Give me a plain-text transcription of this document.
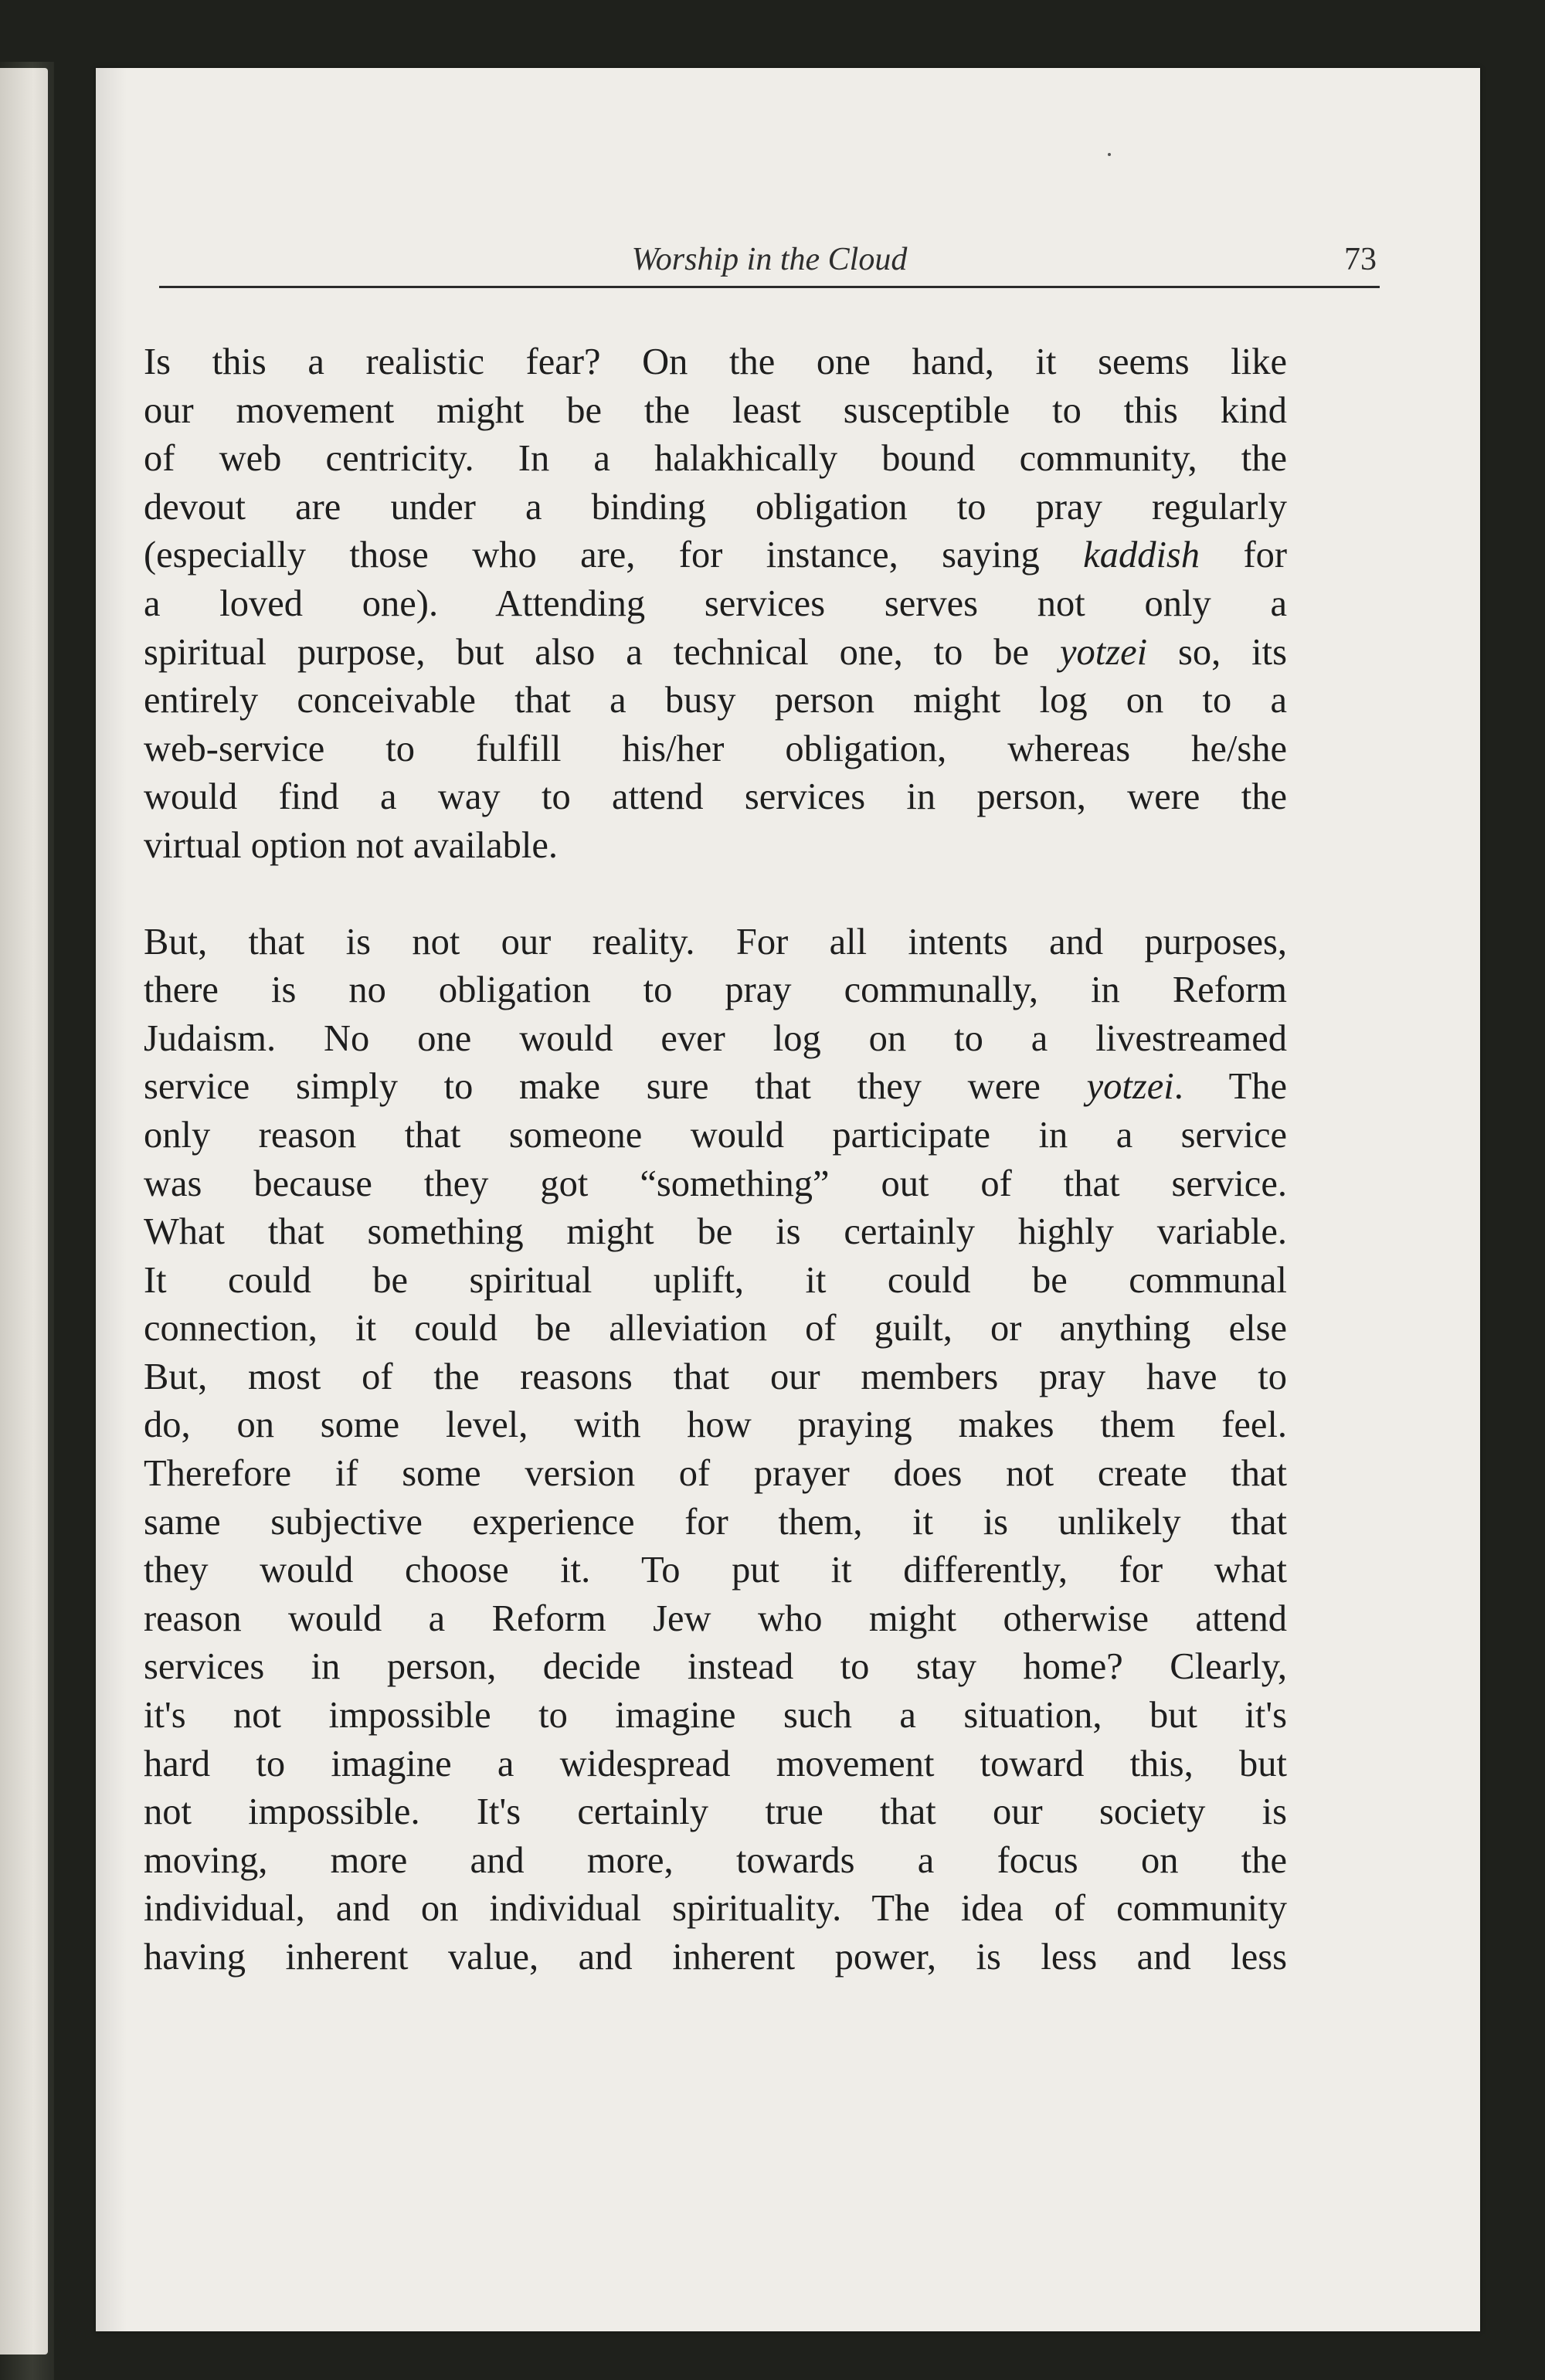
Worship in the Cloud	73
Is this a realistic fear? On the one hand, it seems like
our movement might be the least susceptible to this kind
of web centricity. In a halakhically bound community, the
devout are under a binding obligation to pray regularly
(especially those who are, for instance, saying kaddish for
a loved one). Attending services serves not only a
spiritual purpose, but also a technical one, to be yotzei so, its
entirely conceivable that a busy person might log on to a
web-service to fulfill his/her obligation, whereas he/she
would find a way to attend services in person, were the
virtual option not available.
But, that is not our reality. For all intents and purposes,
there is no obligation to pray communally, in Reform
Judaism. No one would ever log on to a livestreamed
service simply to make sure that they were yotzei. The
only reason that someone would participate in a service
was because they got “something” out of that service.
What that something might be is certainly highly variable.
It could be spiritual uplift, it could be communal
connection, it could be alleviation of guilt, or anything else
But, most of the reasons that our members pray have to
do, on some level, with how praying makes them feel.
Therefore if some version of prayer does not create that
same subjective experience for them, it is unlikely that
they would choose it. To put it differently, for what
reason would a Reform Jew who might otherwise attend
services in person, decide instead to stay home? Clearly,
it's not impossible to imagine such a situation, but it's
hard to imagine a widespread movement toward this, but
not impossible. It's certainly true that our society is
moving, more and more, towards a focus on the
individual, and on individual spirituality. The idea of community
having inherent value, and inherent power, is less and less
